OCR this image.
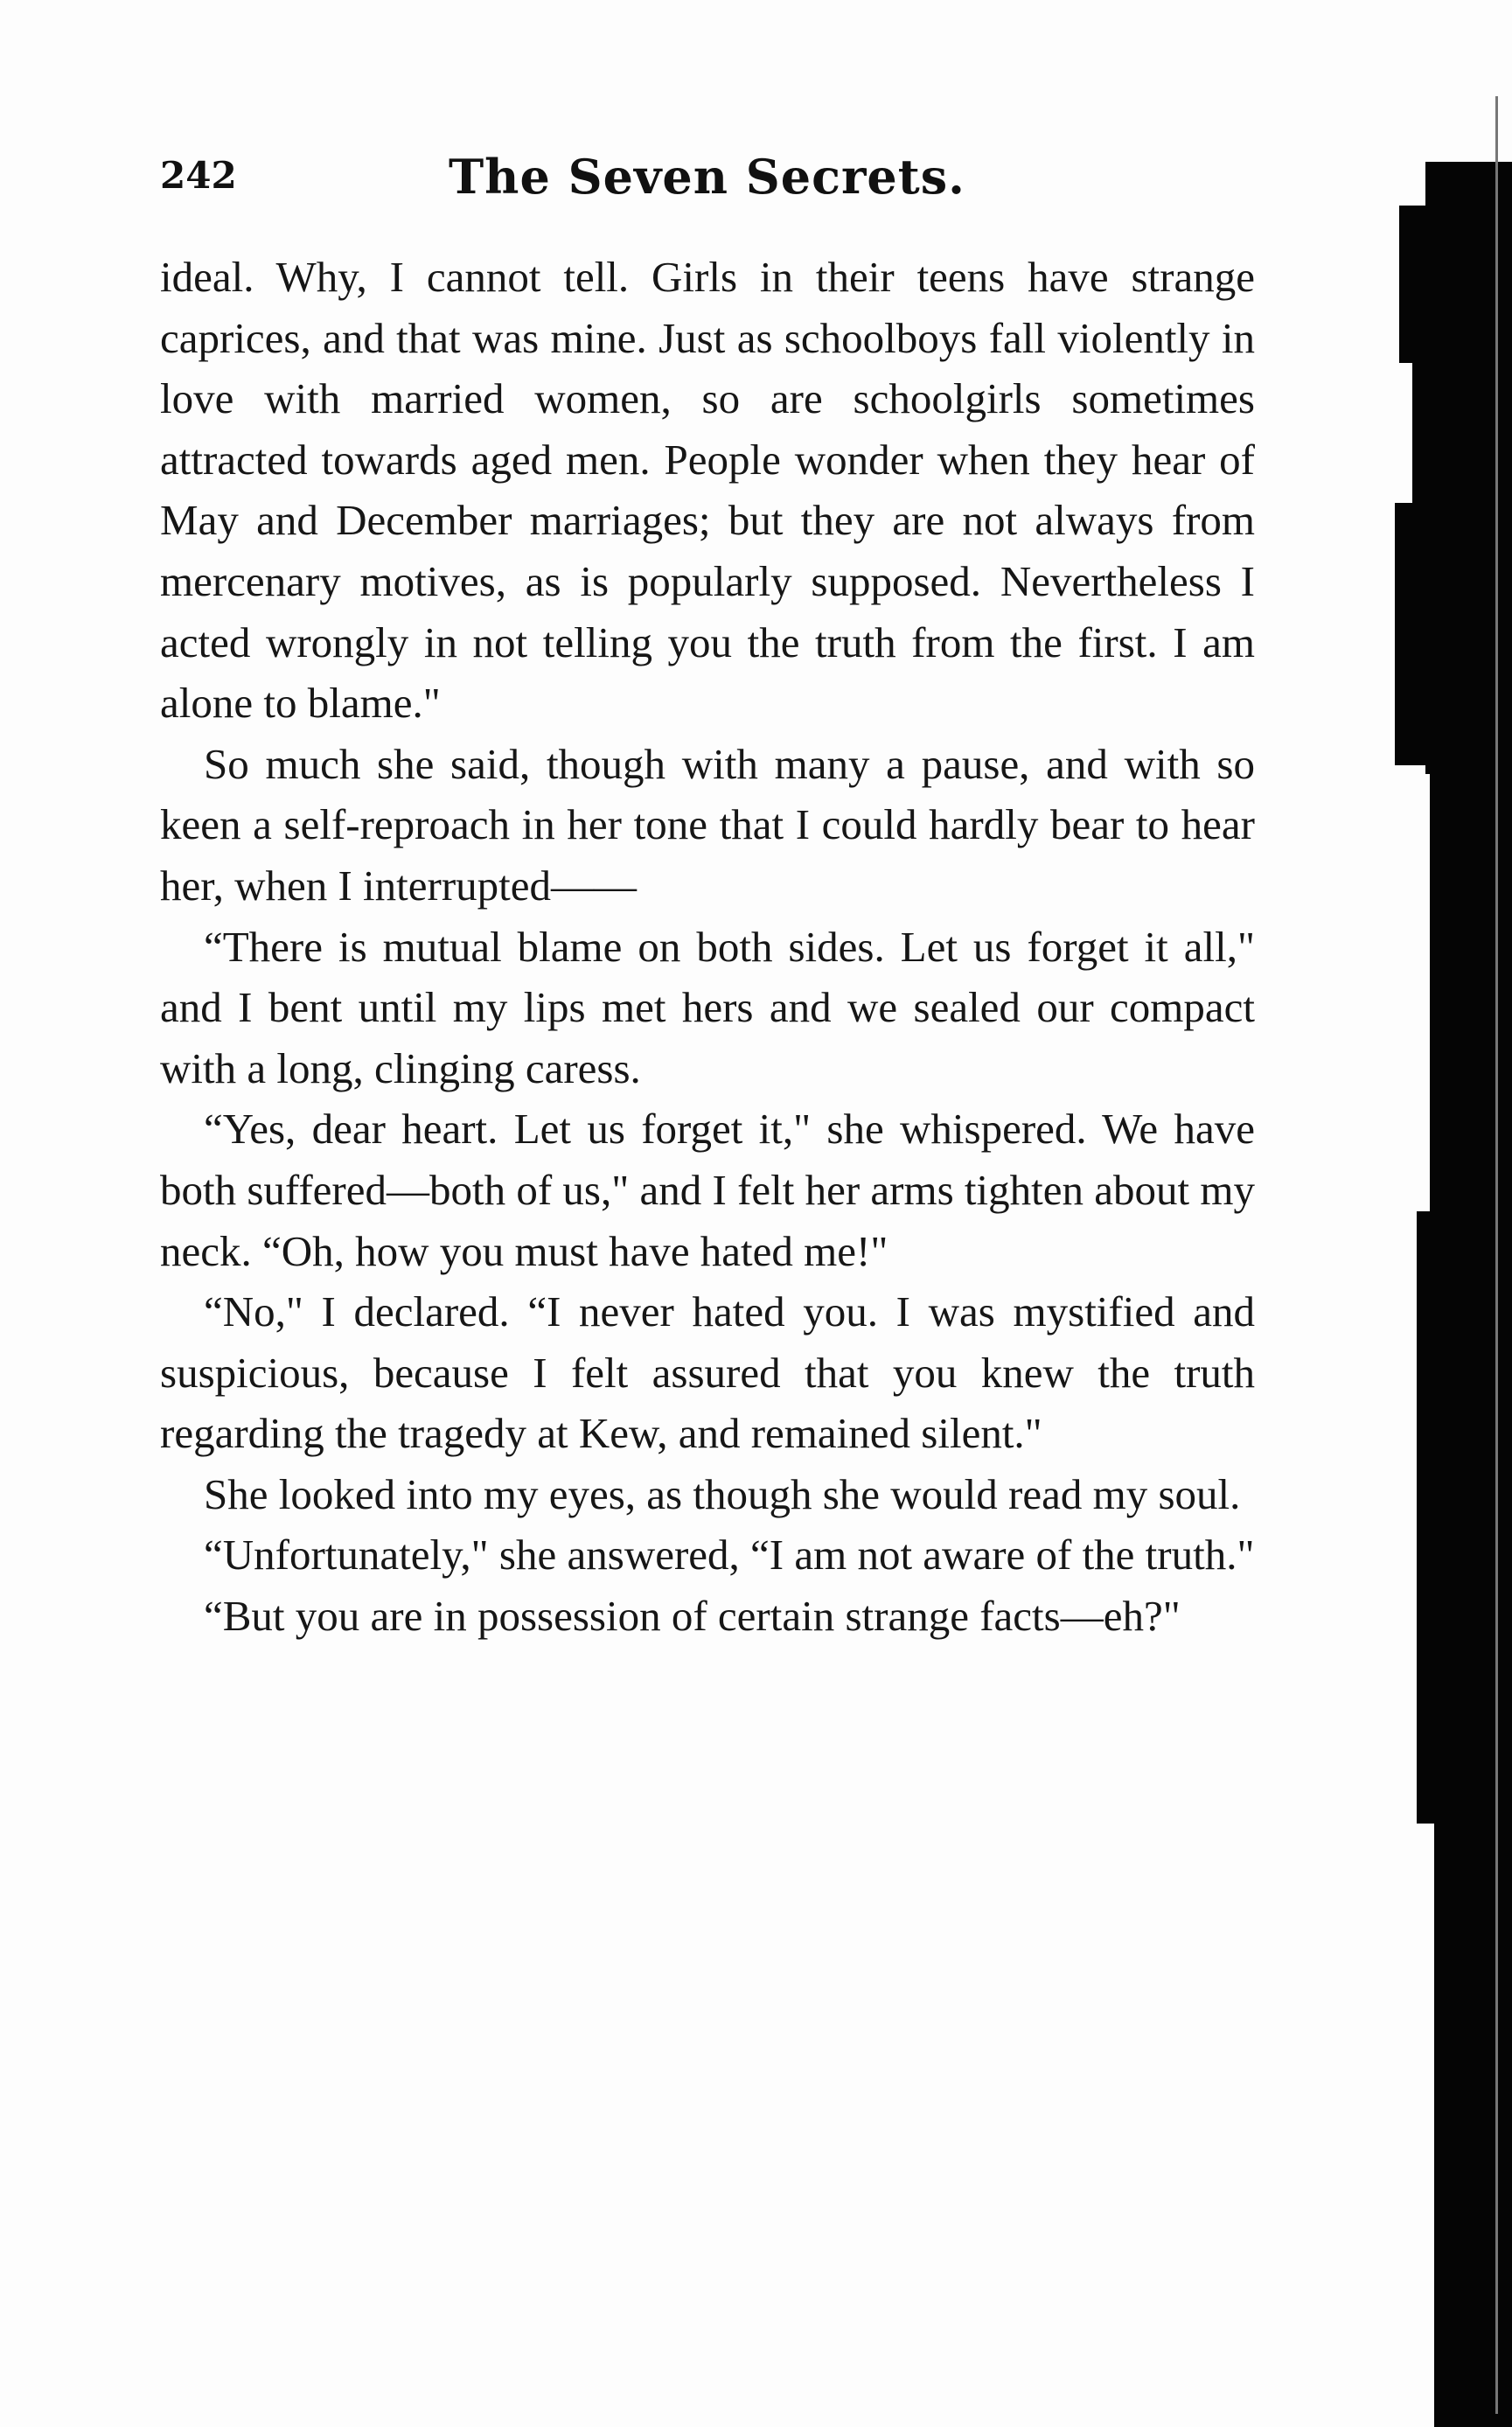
242	The Seven Secrets.

ideal. Why, I cannot tell. Girls in their teens have strange caprices, and that was mine. Just as schoolboys fall violently in love with married women, so are schoolgirls sometimes attracted towards aged men. People wonder when they hear of May and December marriages; but they are not always from mercenary motives, as is popularly supposed. Nevertheless I acted wrongly in not telling you the truth from the first. I am alone to blame."

So much she said, though with many a pause, and with so keen a self-reproach in her tone that I could hardly bear to hear her, when I interrupted——

“There is mutual blame on both sides. Let us forget it all," and I bent until my lips met hers and we sealed our compact with a long, clinging caress.

“Yes, dear heart. Let us forget it," she whispered. We have both suffered—both of us," and I felt her arms tighten about my neck. “Oh, how you must have hated me!"

“No," I declared. “I never hated you. I was mystified and suspicious, because I felt assured that you knew the truth regarding the tragedy at Kew, and remained silent."

She looked into my eyes, as though she would read my soul.

“Unfortunately," she answered, “I am not aware of the truth."

“But you are in possession of certain strange facts—eh?"
